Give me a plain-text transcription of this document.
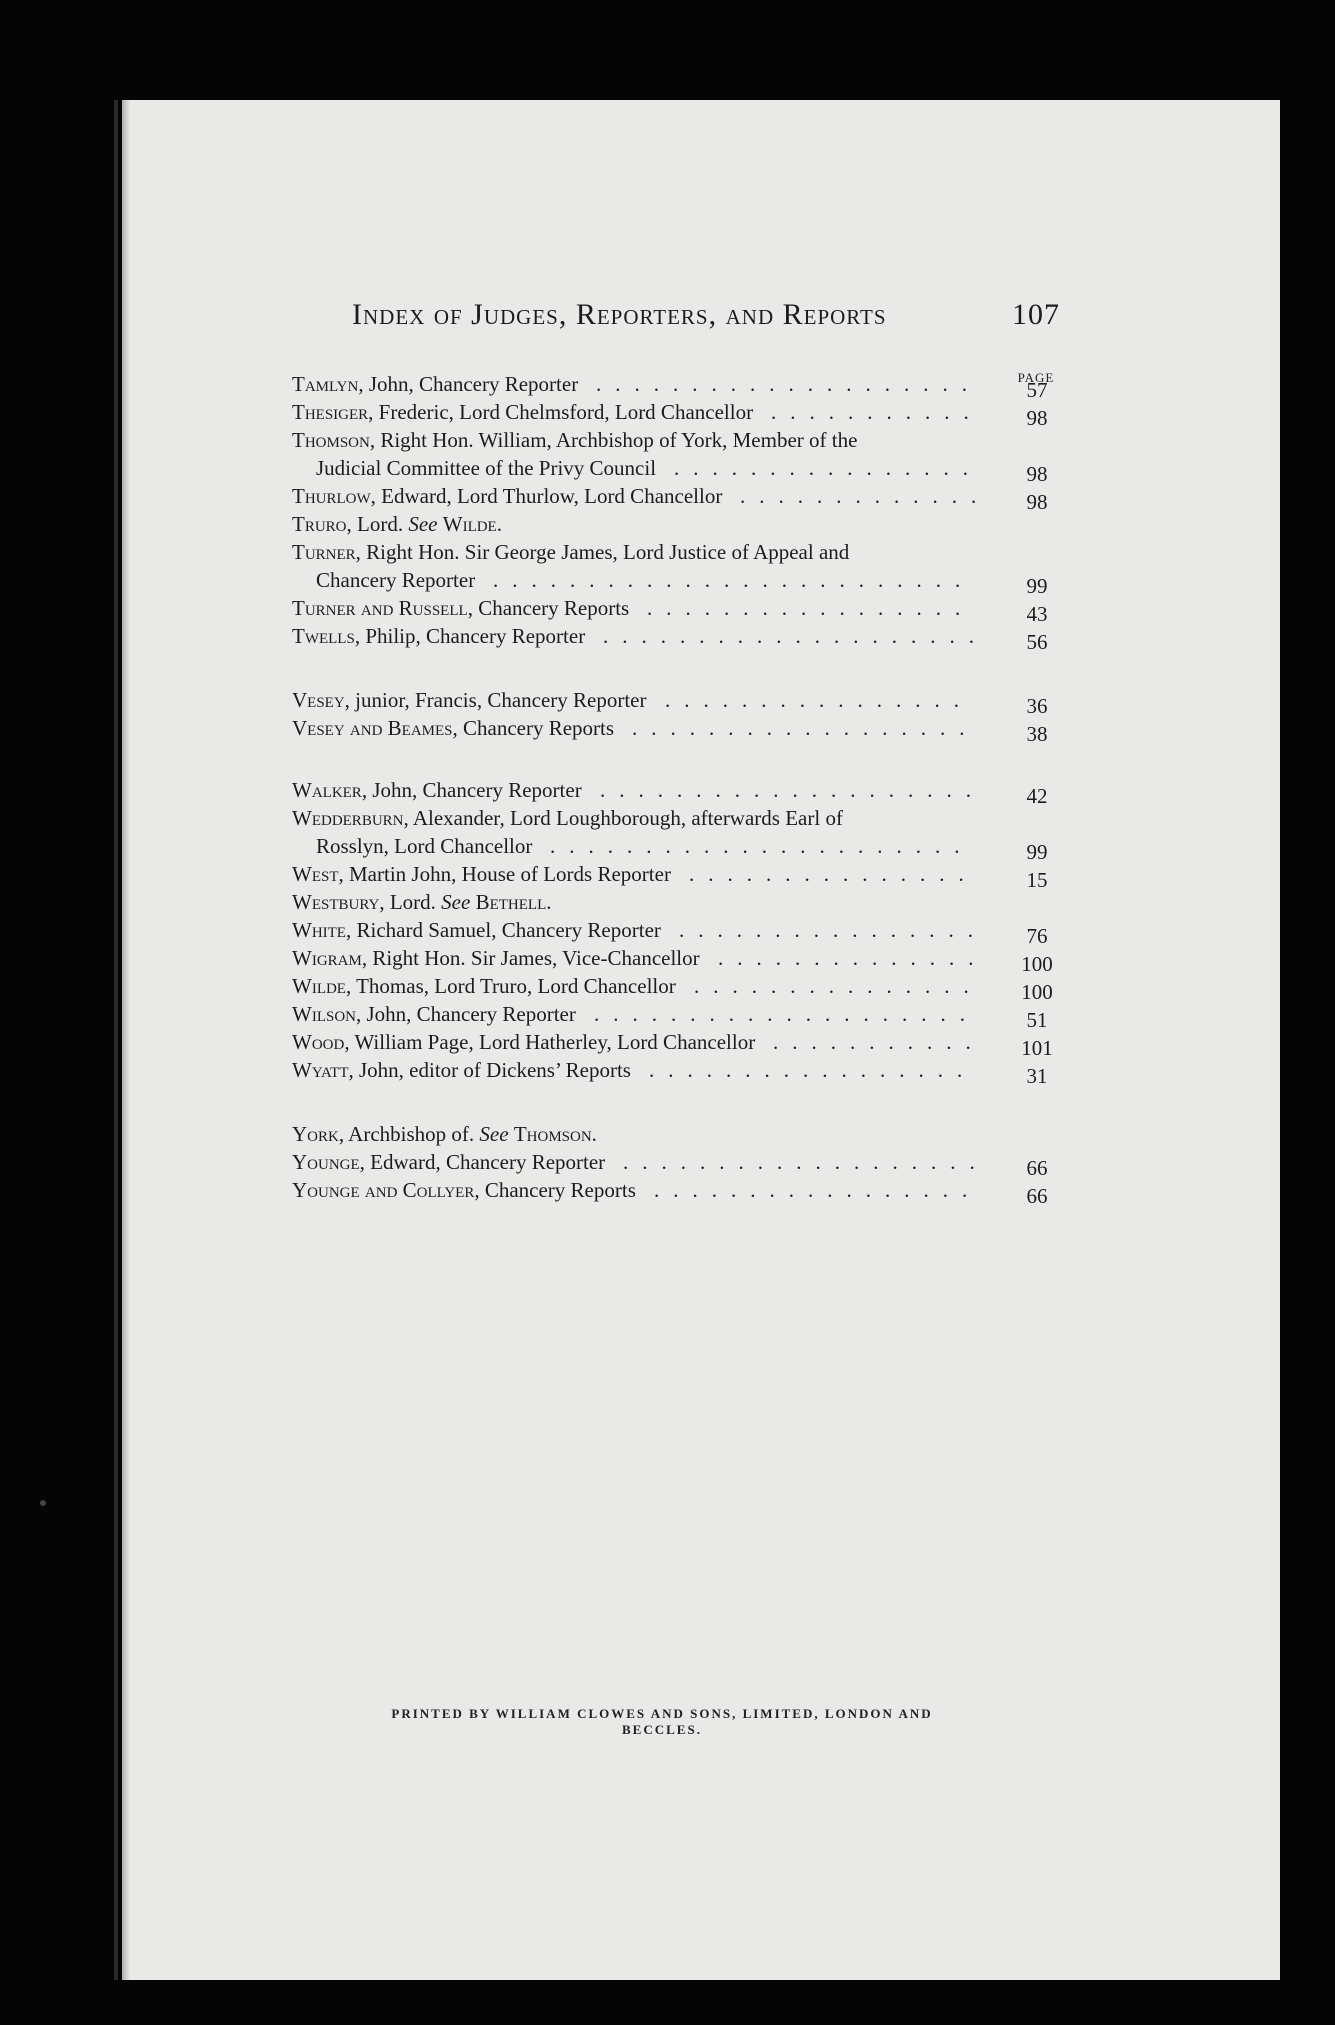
Index of Judges, Reporters, and Reports	107
PAGE
Tamlyn, John, Chancery Reporter	57
....................
Thesiger, Frederic, Lord Chelmsford, Lord Chancellor	98
...........
Thomson, Right Hon. William, Archbishop of York, Member of the
Judicial Committee of the Privy Council	98
................
Thurlow, Edward, Lord Thurlow, Lord Chancellor	98
.............
Truro, Lord. See Wilde.
Turner, Right Hon. Sir George James, Lord Justice of Appeal and
Chancery Reporter	99
.........................
Turner and Russell, Chancery Reports	43
.................
Twells, Philip, Chancery Reporter	56
....................
Vesey, junior, Francis, Chancery Reporter	36
................
Vesey and Beames, Chancery Reports	38
..................
Walker, John, Chancery Reporter	42
....................
Wedderburn, Alexander, Lord Loughborough, afterwards Earl of
Rosslyn, Lord Chancellor	99
......................
West, Martin John, House of Lords Reporter	15
...............
Westbury, Lord. See Bethell.
White, Richard Samuel, Chancery Reporter	76
................
Wigram, Right Hon. Sir James, Vice-Chancellor	100
..............
Wilde, Thomas, Lord Truro, Lord Chancellor	100
...............
Wilson, John, Chancery Reporter	51
....................
Wood, William Page, Lord Hatherley, Lord Chancellor	101
...........
Wyatt, John, editor of Dickens’ Reports	31
.................
York, Archbishop of. See Thomson.
Younge, Edward, Chancery Reporter	66
...................
Younge and Collyer, Chancery Reports	66
.................
PRINTED BY WILLIAM CLOWES AND SONS, LIMITED, LONDON AND BECCLES.
